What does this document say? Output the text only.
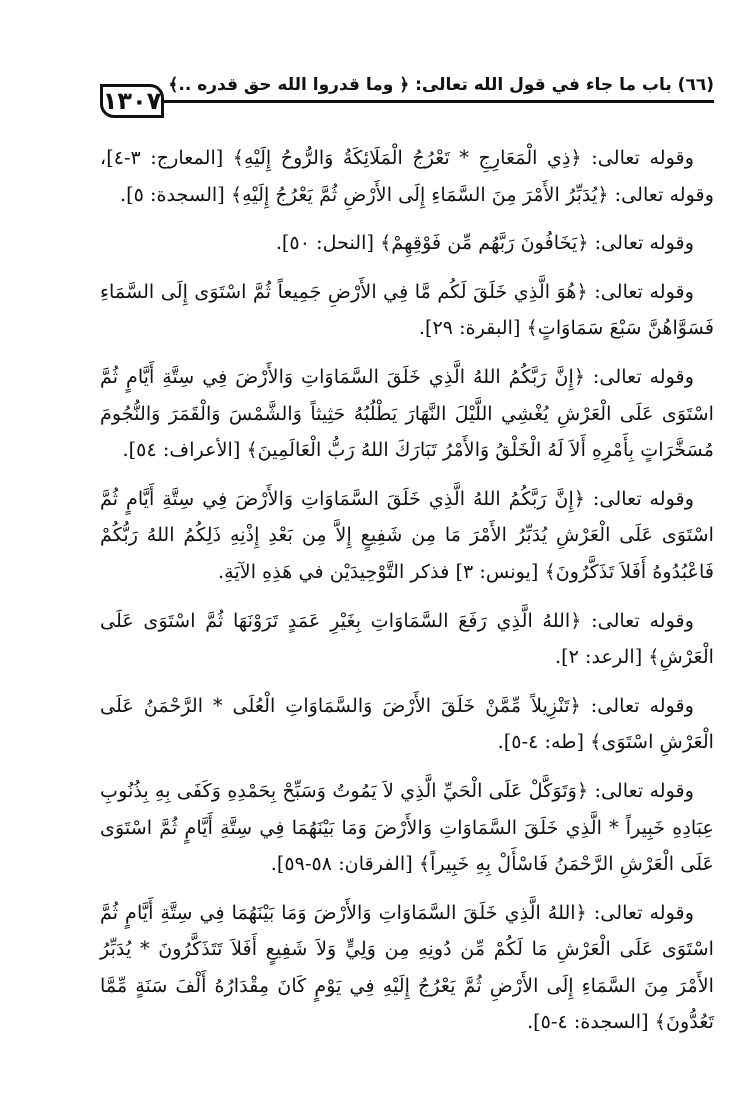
(٦٦) باب ما جاء في قول الله تعالى: ﴿ وما قدروا الله حق قدره ..﴾
١٣٠٧

وقوله تعالى: ﴿ذِي الْمَعَارِجِ * تَعْرُجُ الْمَلَائِكَةُ وَالرُّوحُ إِلَيْهِ﴾ [المعارج: ٣-٤]، وقوله تعالى: ﴿يُدَبِّرُ الأَمْرَ مِنَ السَّمَاءِ إِلَى الأَرْضِ ثُمَّ يَعْرُجُ إِلَيْهِ﴾ [السجدة: ٥].

وقوله تعالى: ﴿يَخَافُونَ رَبَّهُم مِّن فَوْقِهِمْ﴾ [النحل: ٥٠].

وقوله تعالى: ﴿هُوَ الَّذِي خَلَقَ لَكُم مَّا فِي الأَرْضِ جَمِيعاً ثُمَّ اسْتَوَى إِلَى السَّمَاءِ فَسَوَّاهُنَّ سَبْعَ سَمَاوَاتٍ﴾ [البقرة: ٢٩].

وقوله تعالى: ﴿إِنَّ رَبَّكُمُ اللهُ الَّذِي خَلَقَ السَّمَاوَاتِ وَالأَرْضَ فِي سِتَّةِ أَيَّامٍ ثُمَّ اسْتَوَى عَلَى الْعَرْشِ يُغْشِي اللَّيْلَ النَّهَارَ يَطْلُبُهُ حَثِيثاً وَالشَّمْسَ وَالْقَمَرَ وَالنُّجُومَ مُسَخَّرَاتٍ بِأَمْرِهِ أَلاَ لَهُ الْخَلْقُ وَالأَمْرُ تَبَارَكَ اللهُ رَبُّ الْعَالَمِينَ﴾ [الأعراف: ٥٤].

وقوله تعالى: ﴿إِنَّ رَبَّكُمُ اللهُ الَّذِي خَلَقَ السَّمَاوَاتِ وَالأَرْضَ فِي سِتَّةِ أَيَّامٍ ثُمَّ اسْتَوَى عَلَى الْعَرْشِ يُدَبِّرُ الأَمْرَ مَا مِن شَفِيعٍ إِلاَّ مِن بَعْدِ إِذْنِهِ ذَلِكُمُ اللهُ رَبُّكُمْ فَاعْبُدُوهُ أَفَلاَ تَذَكَّرُونَ﴾ [يونس: ٣] فذكر التَّوْحِيدَيْن في هَذِهِ الآيَةِ.

وقوله تعالى: ﴿اللهُ الَّذِي رَفَعَ السَّمَاوَاتِ بِغَيْرِ عَمَدٍ تَرَوْنَهَا ثُمَّ اسْتَوَى عَلَى الْعَرْشِ﴾ [الرعد: ٢].

وقوله تعالى: ﴿تَنْزِيلاً مِّمَّنْ خَلَقَ الأَرْضَ وَالسَّمَاوَاتِ الْعُلَى * الرَّحْمَنُ عَلَى الْعَرْشِ اسْتَوَى﴾ [طه: ٤-٥].

وقوله تعالى: ﴿وَتَوَكَّلْ عَلَى الْحَيِّ الَّذِي لاَ يَمُوتُ وَسَبِّحْ بِحَمْدِهِ وَكَفَى بِهِ بِذُنُوبِ عِبَادِهِ خَبِيراً * الَّذِي خَلَقَ السَّمَاوَاتِ وَالأَرْضَ وَمَا بَيْنَهُمَا فِي سِتَّةِ أَيَّامٍ ثُمَّ اسْتَوَى عَلَى الْعَرْشِ الرَّحْمَنُ فَاسْأَلْ بِهِ خَبِيراً﴾ [الفرقان: ٥٨-٥٩].

وقوله تعالى: ﴿اللهُ الَّذِي خَلَقَ السَّمَاوَاتِ وَالأَرْضَ وَمَا بَيْنَهُمَا فِي سِتَّةِ أَيَّامٍ ثُمَّ اسْتَوَى عَلَى الْعَرْشِ مَا لَكُمْ مِّن دُونِهِ مِن وَلِيٍّ وَلاَ شَفِيعٍ أَفَلاَ تَتَذَكَّرُونَ * يُدَبِّرُ الأَمْرَ مِنَ السَّمَاءِ إِلَى الأَرْضِ ثُمَّ يَعْرُجُ إِلَيْهِ فِي يَوْمٍ كَانَ مِقْدَارُهُ أَلْفَ سَنَةٍ مِّمَّا تَعُدُّونَ﴾ [السجدة: ٤-٥].
